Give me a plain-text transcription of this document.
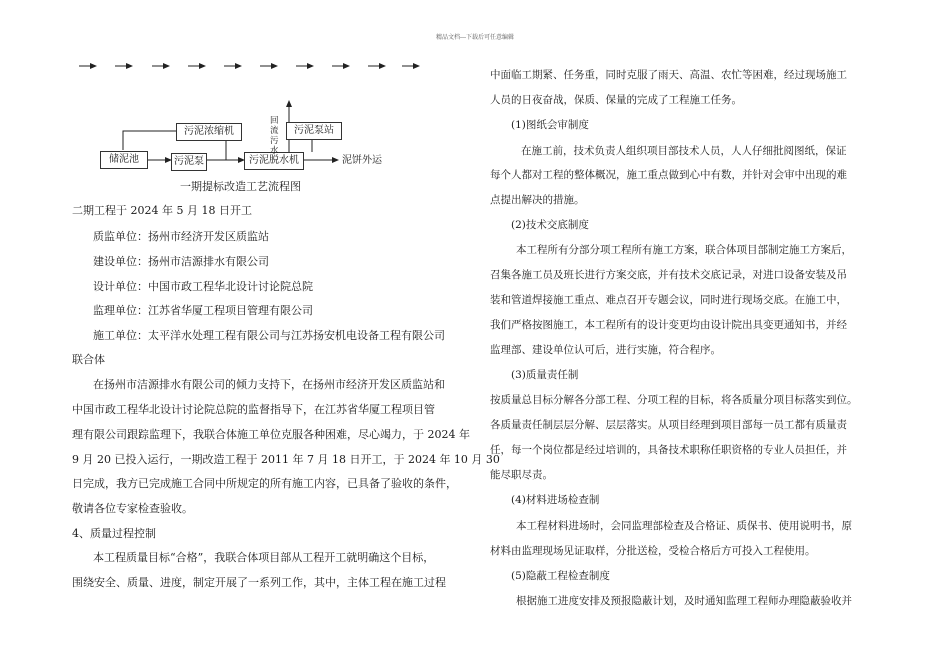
精品文档---下载后可任意编辑
污泥浓缩机	污泥泵站
储泥池	污泥泵	污泥脱水机	泥饼外运
回流污水
一期提标改造工艺流程图
二期工程于 2024 年 5 月 18 日开工
质监单位：扬州市经济开发区质监站
建设单位：扬州市洁源排水有限公司
设计单位：中国市政工程华北设计讨论院总院
监理单位：江苏省华厦工程项目管理有限公司
施工单位：太平洋水处理工程有限公司与江苏扬安机电设备工程有限公司
联合体
在扬州市洁源排水有限公司的倾力支持下，在扬州市经济开发区质监站和
中国市政工程华北设计讨论院总院的监督指导下，在江苏省华厦工程项目管
理有限公司跟踪监理下，我联合体施工单位克服各种困难，尽心竭力，于 2024 年
9 月 20 已投入运行，一期改造工程于 2011 年 7 月 18 日开工，于 2024 年 10 月 30
日完成，我方已完成施工合同中所规定的所有施工内容，已具备了验收的条件，
敬请各位专家检查验收。
4、质量过程控制
本工程质量目标“合格”，我联合体项目部从工程开工就明确这个目标，
围绕安全、质量、进度，制定开展了一系列工作，其中，主体工程在施工过程
中面临工期紧、任务重，同时克服了雨天、高温、农忙等困难，经过现场施工
人员的日夜奋战，保质、保量的完成了工程施工任务。
(1)图纸会审制度
在施工前，技术负责人组织项目部技术人员，人人仔细批阅图纸，保证
每个人都对工程的整体概况，施工重点做到心中有数，并针对会审中出现的难
点提出解决的措施。
(2)技术交底制度
本工程所有分部分项工程所有施工方案，联合体项目部制定施工方案后，
召集各施工员及班长进行方案交底，并有技术交底记录，对进口设备安装及吊
装和管道焊接施工重点、难点召开专题会议，同时进行现场交底。在施工中，
我们严格按图施工，本工程所有的设计变更均由设计院出具变更通知书，并经
监理部、建设单位认可后，进行实施，符合程序。
(3)质量责任制
按质量总目标分解各分部工程、分项工程的目标，将各质量分项目标落实到位。
各质量责任制层层分解、层层落实。从项目经理到项目部每一员工都有质量责
任，每一个岗位都是经过培训的，具备技术职称任职资格的专业人员担任，并
能尽职尽责。
(4)材料进场检查制
本工程材料进场时，会同监理部检查及合格证、质保书、使用说明书，原
材料由监理现场见证取样，分批送检，受检合格后方可投入工程使用。
(5)隐蔽工程检查制度
根据施工进度安排及预报隐蔽计划，及时通知监理工程师办理隐蔽验收并
